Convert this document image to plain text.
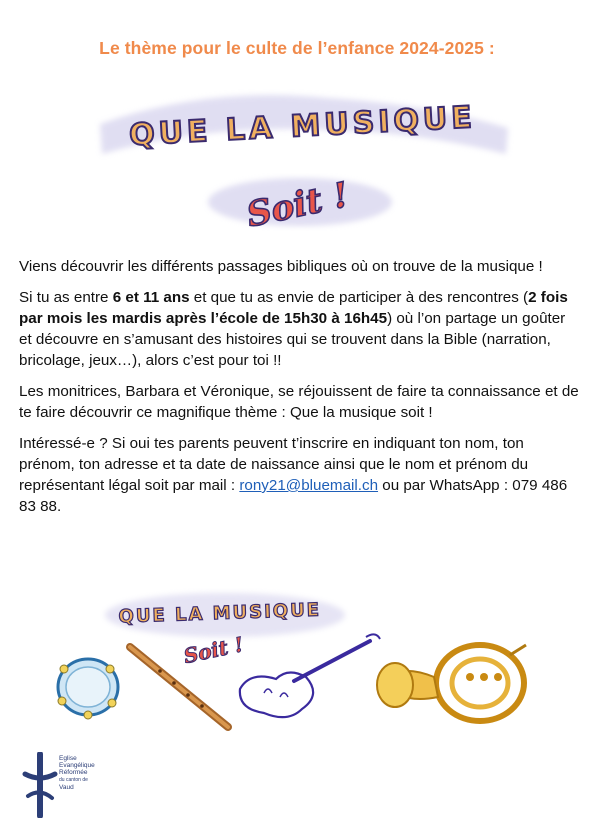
Le thème pour le culte de l’enfance 2024-2025 :
QUE LA MUSIQUE
Soit !

Viens découvrir les différents passages bibliques où on trouve de la musique !

Si tu as entre 6 et 11 ans et que tu as envie de participer à des rencontres (2 fois par mois les mardis après l’école de 15h30 à 16h45) où l’on partage un goûter et découvre en s’amusant des histoires qui se trouvent dans la Bible (narration, bricolage, jeux…), alors c’est pour toi !!

Les monitrices, Barbara et Véronique, se réjouissent de faire ta connaissance et de te faire découvrir ce magnifique thème : Que la musique soit !

Intéressé-e ? Si oui tes parents peuvent t’inscrire en indiquant ton nom, ton prénom, ton adresse et ta date de naissance ainsi que le nom et prénom du représentant légal soit par mail : rony21@bluemail.ch ou par WhatsApp : 079 486 83 88.

QUE LA MUSIQUE
Soit !
Eglise
Evangélique
Réformée
du canton de
Vaud
